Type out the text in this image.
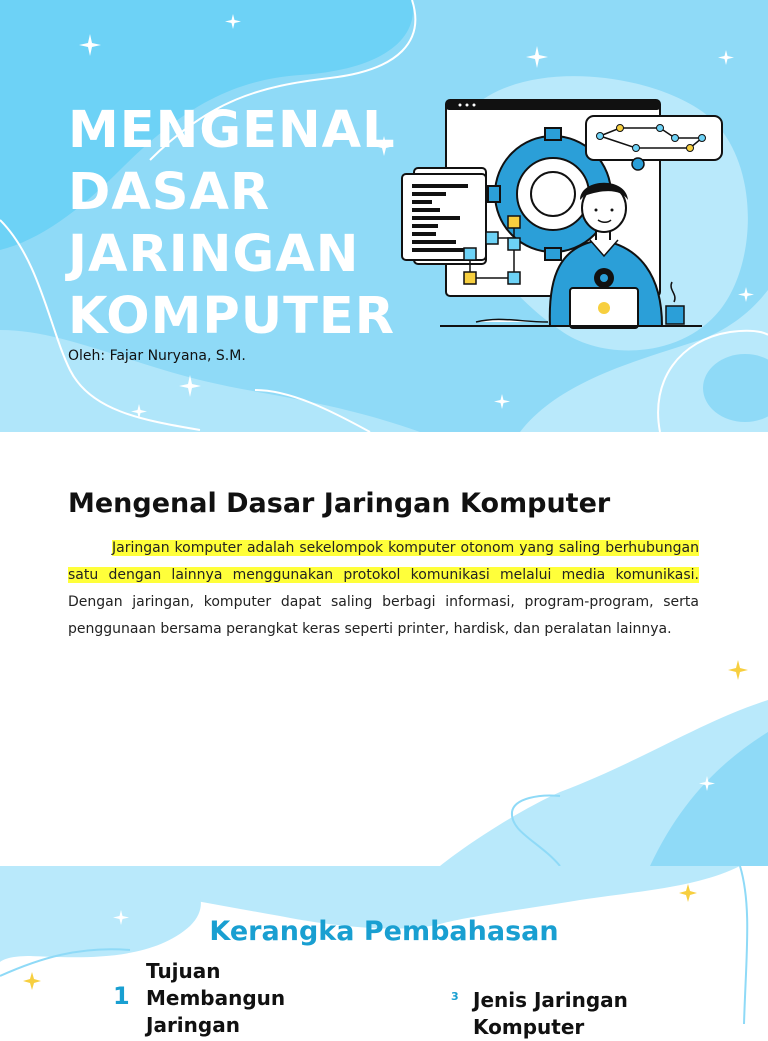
MENGENAL
DASAR
JARINGAN
KOMPUTER
Oleh: Fajar Nuryana, S.M.
Mengenal Dasar Jaringan Komputer

Jaringan komputer adalah sekelompok komputer otonom yang saling berhubungan satu dengan lainnya menggunakan protokol komunikasi melalui media komunikasi. Dengan jaringan, komputer dapat saling berbagi informasi, program-program, serta penggunaan bersama perangkat keras seperti printer, hardisk, dan peralatan lainnya.

Kerangka Pembahasan
1
Tujuan
Membangun
Jaringan
3 Jenis Jaringan
Komputer
